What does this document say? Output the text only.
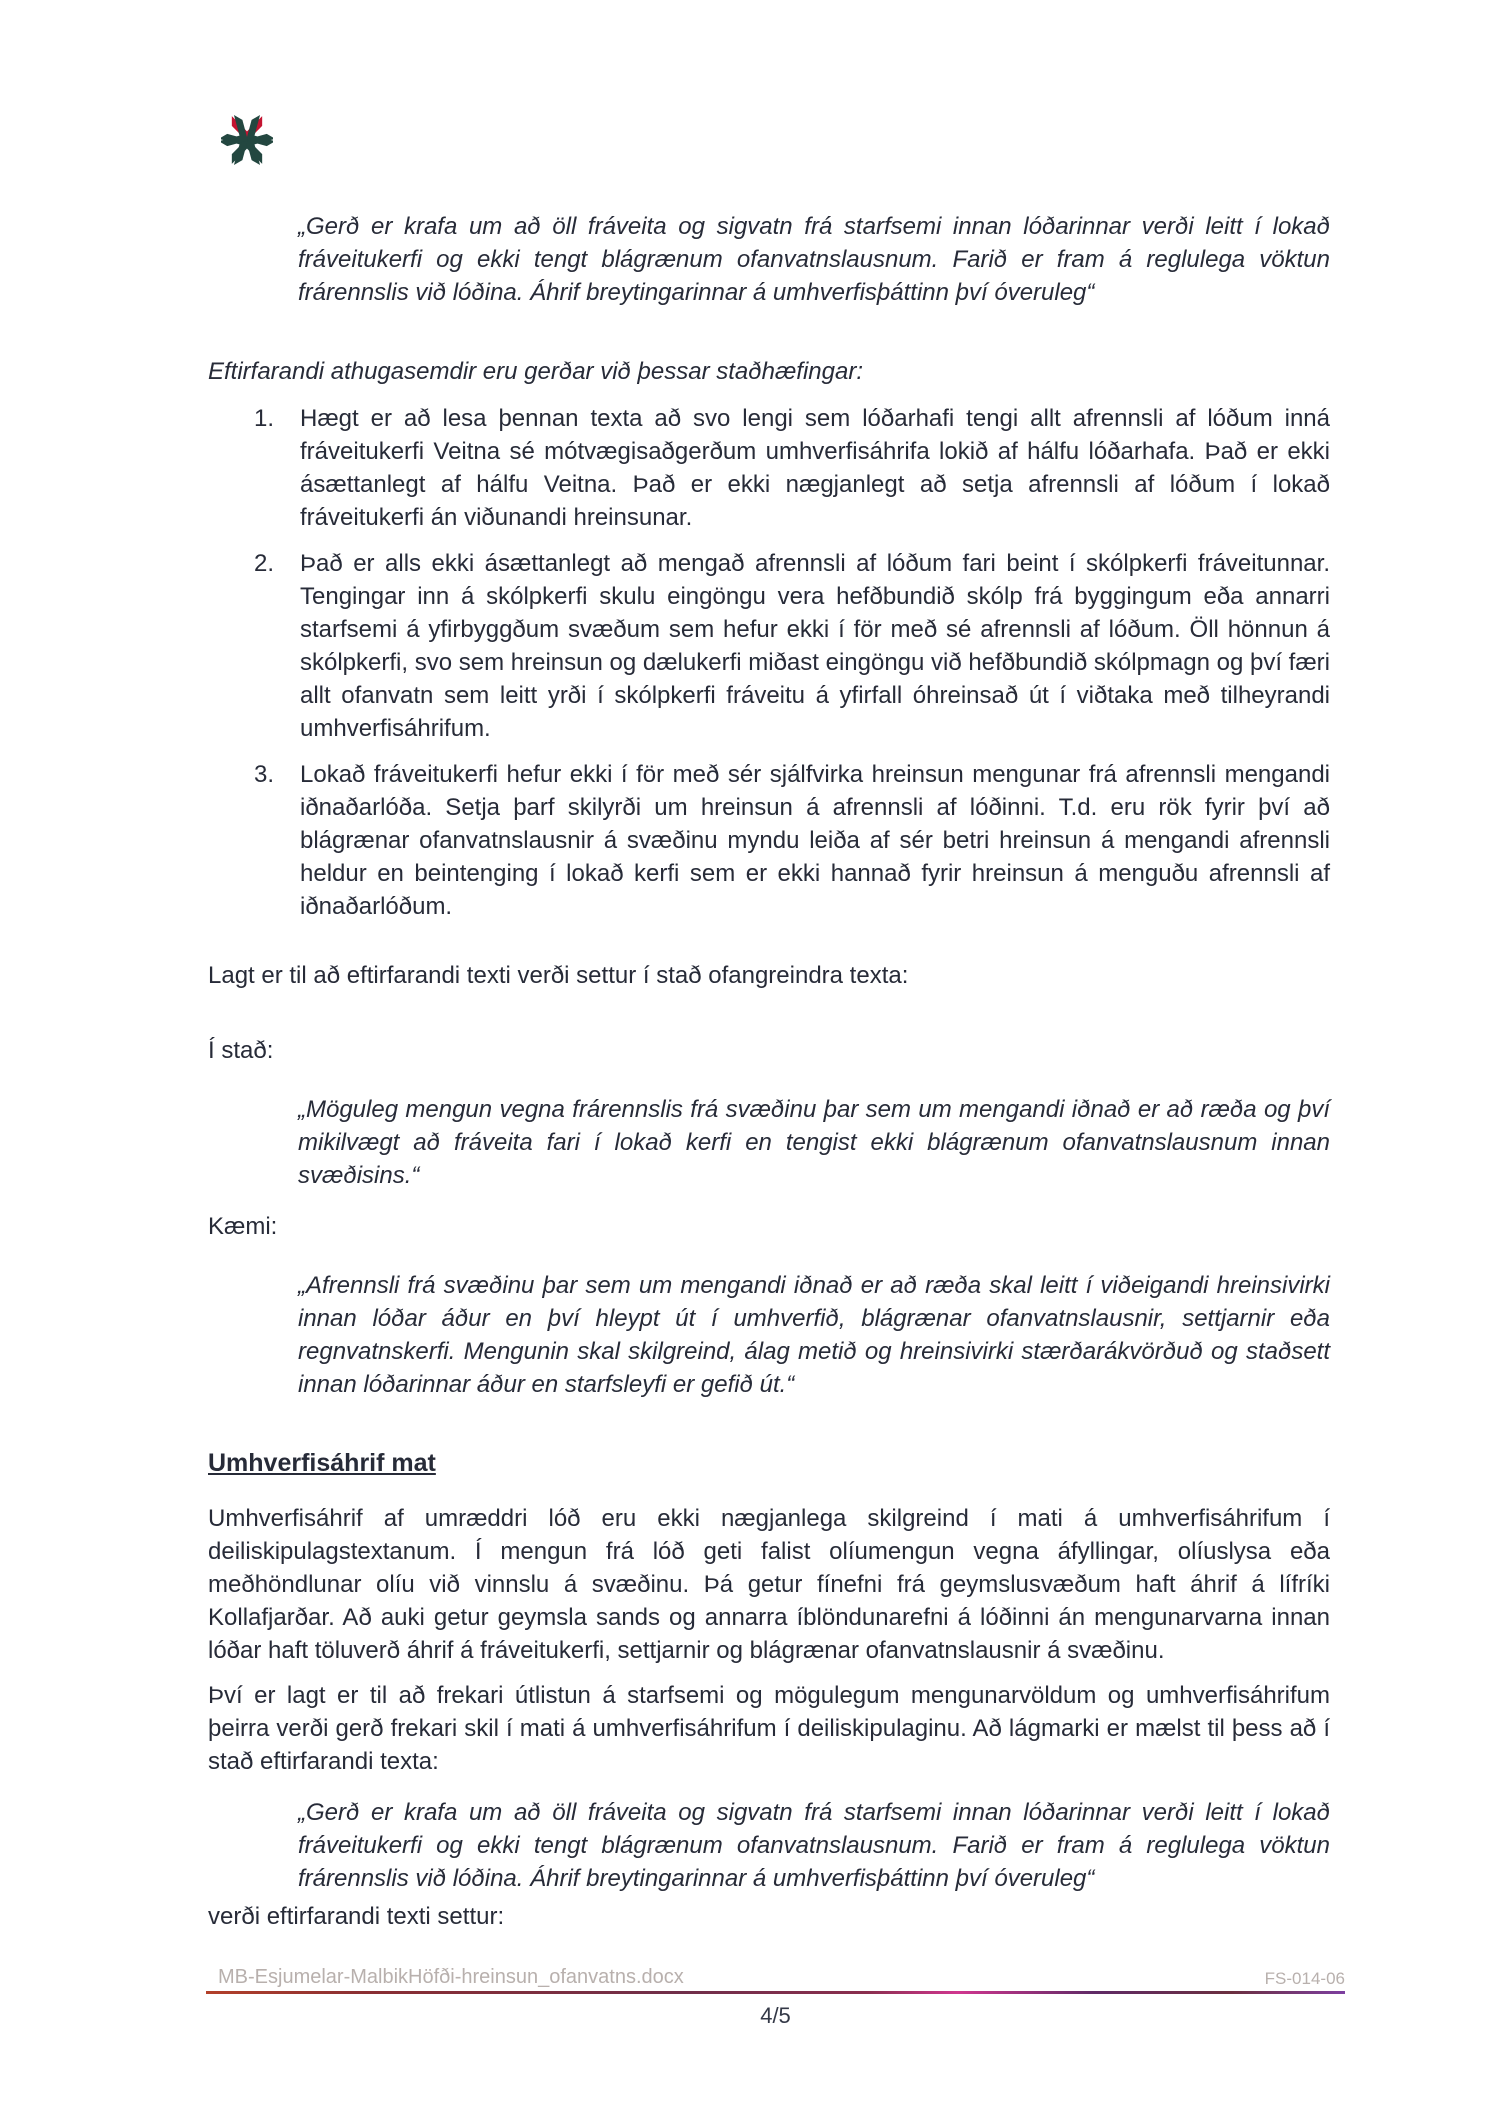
„Gerð er krafa um að öll fráveita og sigvatn frá starfsemi innan lóðarinnar verði leitt í lokað fráveitukerfi og ekki tengt blágrænum ofanvatnslausnum. Farið er fram á reglulega vöktun frárennslis við lóðina. Áhrif breytingarinnar á umhverfisþáttinn því óveruleg“

Eftirfarandi athugasemdir eru gerðar við þessar staðhæfingar:

1. Hægt er að lesa þennan texta að svo lengi sem lóðarhafi tengi allt afrennsli af lóðum inná fráveitukerfi Veitna sé mótvægisaðgerðum umhverfisáhrifa lokið af hálfu lóðarhafa. Það er ekki ásættanlegt af hálfu Veitna. Það er ekki nægjanlegt að setja afrennsli af lóðum í lokað fráveitukerfi án viðunandi hreinsunar.
2. Það er alls ekki ásættanlegt að mengað afrennsli af lóðum fari beint í skólpkerfi fráveitunnar. Tengingar inn á skólpkerfi skulu eingöngu vera hefðbundið skólp frá byggingum eða annarri starfsemi á yfirbyggðum svæðum sem hefur ekki í för með sé afrennsli af lóðum. Öll hönnun á skólpkerfi, svo sem hreinsun og dælukerfi miðast eingöngu við hefðbundið skólpmagn og því færi allt ofanvatn sem leitt yrði í skólpkerfi fráveitu á yfirfall óhreinsað út í viðtaka með tilheyrandi umhverfisáhrifum.
3. Lokað fráveitukerfi hefur ekki í för með sér sjálfvirka hreinsun mengunar frá afrennsli mengandi iðnaðarlóða. Setja þarf skilyrði um hreinsun á afrennsli af lóðinni. T.d. eru rök fyrir því að blágrænar ofanvatnslausnir á svæðinu myndu leiða af sér betri hreinsun á mengandi afrennsli heldur en beintenging í lokað kerfi sem er ekki hannað fyrir hreinsun á menguðu afrennsli af iðnaðarlóðum.

Lagt er til að eftirfarandi texti verði settur í stað ofangreindra texta:

Í stað:

„Möguleg mengun vegna frárennslis frá svæðinu þar sem um mengandi iðnað er að ræða og því mikilvægt að fráveita fari í lokað kerfi en tengist ekki blágrænum ofanvatnslausnum innan svæðisins.“

Kæmi:

„Afrennsli frá svæðinu þar sem um mengandi iðnað er að ræða skal leitt í viðeigandi hreinsivirki innan lóðar áður en því hleypt út í umhverfið, blágrænar ofanvatnslausnir, settjarnir eða regnvatnskerfi. Mengunin skal skilgreind, álag metið og hreinsivirki stærðarákvörðuð og staðsett innan lóðarinnar áður en starfsleyfi er gefið út.“

Umhverfisáhrif mat

Umhverfisáhrif af umræddri lóð eru ekki nægjanlega skilgreind í mati á umhverfisáhrifum í deiliskipulagstextanum. Í mengun frá lóð geti falist olíumengun vegna áfyllingar, olíuslysa eða meðhöndlunar olíu við vinnslu á svæðinu. Þá getur fínefni frá geymslusvæðum haft áhrif á lífríki Kollafjarðar. Að auki getur geymsla sands og annarra íblöndunarefni á lóðinni án mengunarvarna innan lóðar haft töluverð áhrif á fráveitukerfi, settjarnir og blágrænar ofanvatnslausnir á svæðinu.

Því er lagt er til að frekari útlistun á starfsemi og mögulegum mengunarvöldum og umhverfisáhrifum þeirra verði gerð frekari skil í mati á umhverfisáhrifum í deiliskipulaginu. Að lágmarki er mælst til þess að í stað eftirfarandi texta:

„Gerð er krafa um að öll fráveita og sigvatn frá starfsemi innan lóðarinnar verði leitt í lokað fráveitukerfi og ekki tengt blágrænum ofanvatnslausnum. Farið er fram á reglulega vöktun frárennslis við lóðina. Áhrif breytingarinnar á umhverfisþáttinn því óveruleg“

verði eftirfarandi texti settur:

MB-Esjumelar-MalbikHöfði-hreinsun_ofanvatns.docx	FS-014-06
4/5
